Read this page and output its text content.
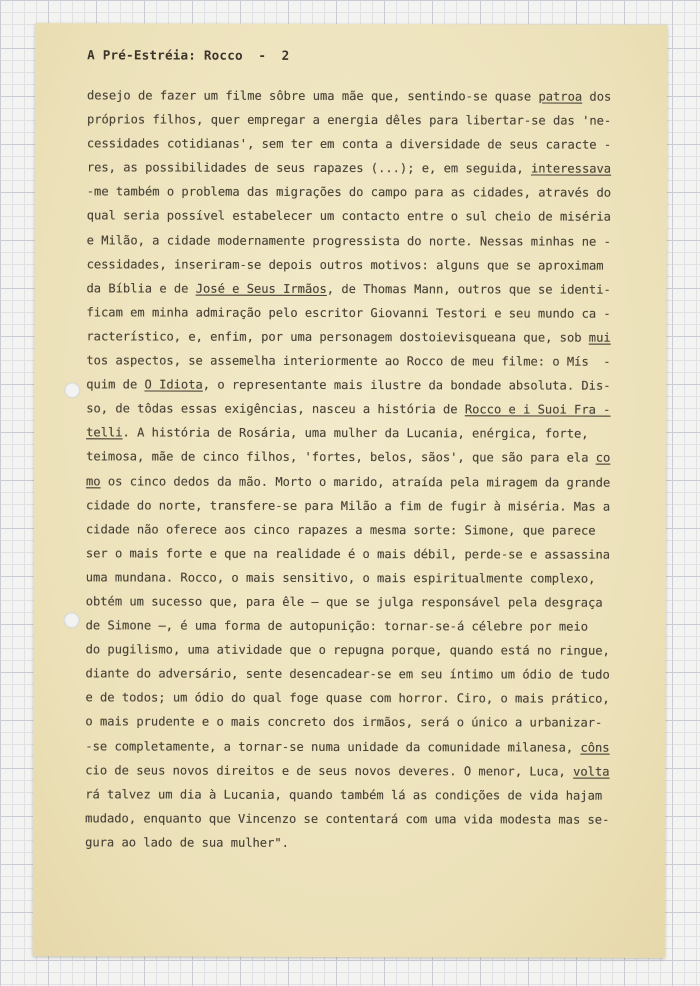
A Pré-Estréia: Rocco  -  2
desejo de fazer um filme sôbre uma mãe que, sentindo-se quase patroa dos
próprios filhos, quer empregar a energia dêles para libertar-se das 'ne-
cessidades cotidianas', sem ter em conta a diversidade de seus caracte -
res, as possibilidades de seus rapazes (...); e, em seguida, interessava
-me também o problema das migrações do campo para as cidades, através do
qual seria possível estabelecer um contacto entre o sul cheio de miséria
e Milão, a cidade modernamente progressista do norte. Nessas minhas ne -
cessidades, inseriram-se depois outros motivos: alguns que se aproximam
da Bíblia e de José e Seus Irmãos, de Thomas Mann, outros que se identi-
ficam em minha admiração pelo escritor Giovanni Testori e seu mundo ca -
racterístico, e, enfim, por uma personagem dostoievisqueana que, sob mui
tos aspectos, se assemelha interiormente ao Rocco de meu filme: o Mís  -
quim de O Idiota, o representante mais ilustre da bondade absoluta. Dis-
so, de tôdas essas exigências, nasceu a história de Rocco e i Suoi Fra -
telli. A história de Rosária, uma mulher da Lucania, enérgica, forte,
teimosa, mãe de cinco filhos, 'fortes, belos, sãos', que são para ela co
mo os cinco dedos da mão. Morto o marido, atraída pela miragem da grande
cidade do norte, transfere-se para Milão a fim de fugir à miséria. Mas a
cidade não oferece aos cinco rapazes a mesma sorte: Simone, que parece
ser o mais forte e que na realidade é o mais débil, perde-se e assassina
uma mundana. Rocco, o mais sensitivo, o mais espiritualmente complexo,
obtém um sucesso que, para êle — que se julga responsável pela desgraça
de Simone —, é uma forma de autopunição: tornar-se-á célebre por meio
do pugilismo, uma atividade que o repugna porque, quando está no ringue,
diante do adversário, sente desencadear-se em seu íntimo um ódio de tudo
e de todos; um ódio do qual foge quase com horror. Ciro, o mais prático,
o mais prudente e o mais concreto dos irmãos, será o único a urbanizar-
-se completamente, a tornar-se numa unidade da comunidade milanesa, côns
cio de seus novos direitos e de seus novos deveres. O menor, Luca, volta
rá talvez um dia à Lucania, quando também lá as condições de vida hajam
mudado, enquanto que Vincenzo se contentará com uma vida modesta mas se-
gura ao lado de sua mulher".
